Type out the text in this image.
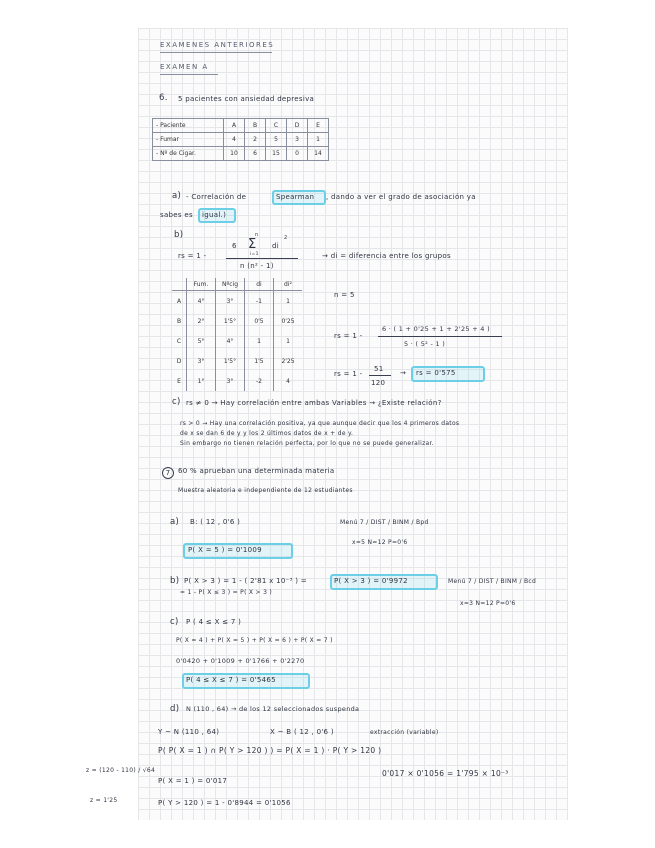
EXAMENES ANTERIORES
EXAMEN A
6. 5 pacientes con ansiedad depresiva
- Paciente	A	B	C	D	E
- Fumar	4	2	5	3	1
- Nº de Cigar.	10	6	15	0	14
a) - Correlación de	Spearman , dando a ver el grado de asociación ya
sabes es igual.)
b)
rs = 1 -
6
n
Σ
i=1
di
2
n (n² - 1)
→ di = diferencia entre los grupos
	Fum.	Nºcig	di	di²
A	4°	3°	-1	1
B	2°	1'5°	0'5	0'25
C	5°	4°	1	1
D	3°	1'5°	1'5	2'25
E	1°	3°	-2	4
n = 5
rs = 1 -
6 · ( 1 + 0'25 + 1 + 2'25 + 4 )
5 · ( 5² - 1 )
rs = 1 -
51
120
→ rs = 0'575
c) rs ≠ 0 → Hay correlación entre ambas Variables → ¿Existe relación?
rs > 0 → Hay una correlación positiva, ya que aunque decir que los 4 primeros datos
de x se dan 6 de y y los 2 últimos datos de x + de y.
Sin embargo no tienen relación perfecta, por lo que no se puede generalizar.
7	60 % aprueban una determinada materia
Muestra aleatoria e independiente de 12 estudiantes
a) B: ( 12 , 0'6 )	Menú 7 / DIST / BINM / Bpd
x=5 N=12 P=0'6
P( X = 5 ) = 0'1009
b) P( X > 3 ) = 1 - ( 2'81 x 10⁻³ ) =	P( X > 3 ) = 0'9972
= 1 - P( X ≤ 3 ) = P( X > 3 )
Menú 7 / DIST / BINM / Bcd
x=3 N=12 P=0'6
c) P ( 4 ≤ X ≤ 7 )
P( X = 4 ) + P( X = 5 ) + P( X = 6 ) + P( X = 7 )
0'0420 + 0'1009 + 0'1766 + 0'2270
P( 4 ≤ X ≤ 7 ) = 0'5465
d) N (110 , 64) → de los 12 seleccionados suspenda
Y ~ N (110 , 64)	X ~ B ( 12 , 0'6 )	extracción (variable)
P( P( X = 1 ) ∩ P( Y > 120 ) ) = P( X = 1 ) · P( Y > 120 )
P( X = 1 ) = 0'017
0'017 × 0'1056 = 1'795 × 10⁻³
P( Y > 120 ) = 1 - 0'8944 = 0'1056
z = (120 - 110) / √64
z = 1'25
